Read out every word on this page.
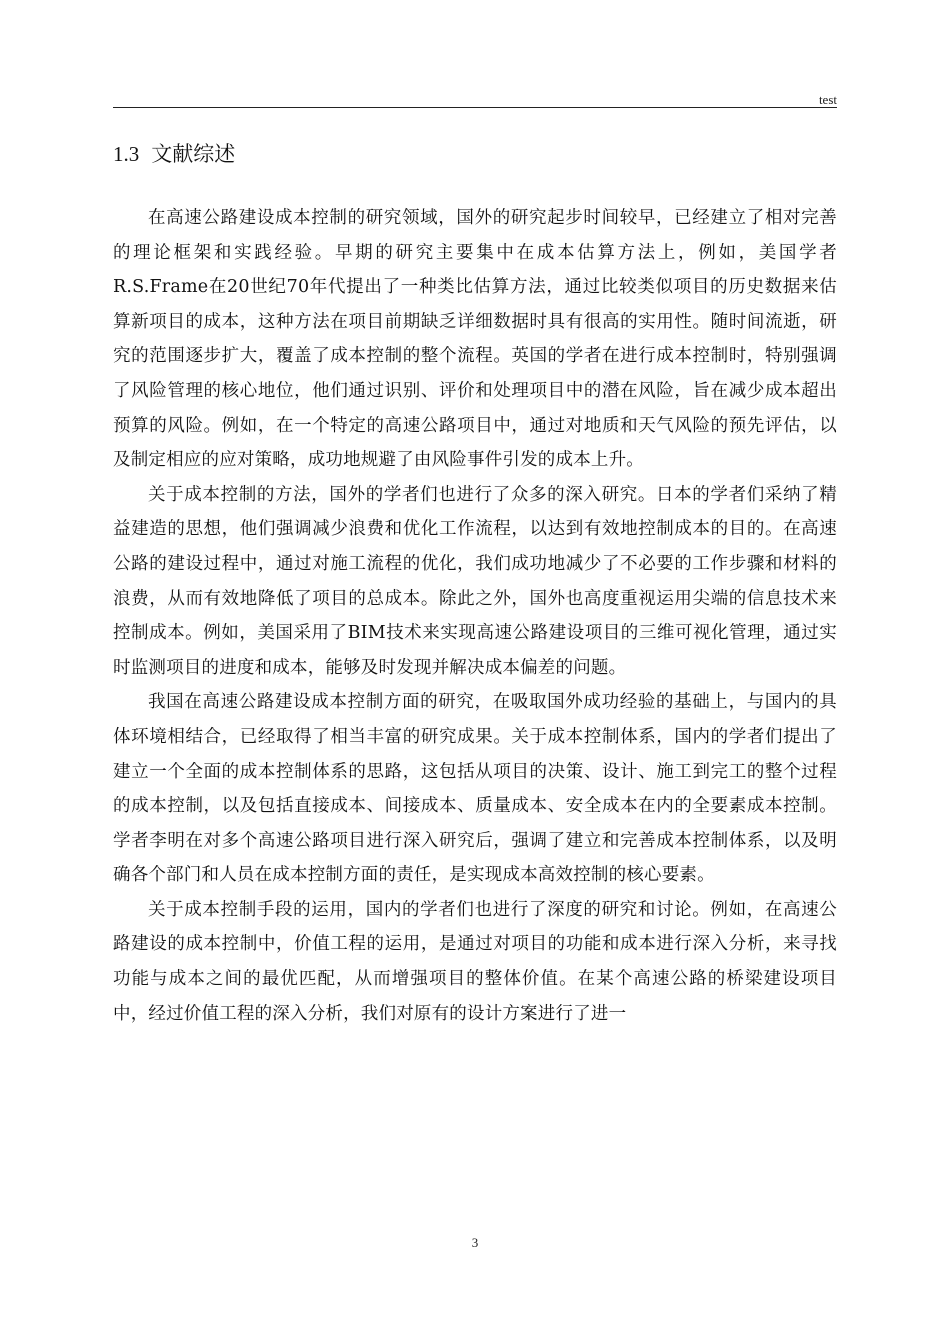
test
1.3 文献综述

在高速公路建设成本控制的研究领域，国外的研究起步时间较早，已经建立了相对完善的理论框架和实践经验。早期的研究主要集中在成本估算方法上，例如，美国学者R.S.Frame在20世纪70年代提出了一种类比估算方法，通过比较类似项目的历史数据来估算新项目的成本，这种方法在项目前期缺乏详细数据时具有很高的实用性。随时间流逝，研究的范围逐步扩大，覆盖了成本控制的整个流程。英国的学者在进行成本控制时，特别强调了风险管理的核心地位，他们通过识别、评价和处理项目中的潜在风险，旨在减少成本超出预算的风险。例如，在一个特定的高速公路项目中，通过对地质和天气风险的预先评估，以及制定相应的应对策略，成功地规避了由风险事件引发的成本上升。

关于成本控制的方法，国外的学者们也进行了众多的深入研究。日本的学者们采纳了精益建造的思想，他们强调减少浪费和优化工作流程，以达到有效地控制成本的目的。在高速公路的建设过程中，通过对施工流程的优化，我们成功地减少了不必要的工作步骤和材料的浪费，从而有效地降低了项目的总成本。除此之外，国外也高度重视运用尖端的信息技术来控制成本。例如，美国采用了BIM技术来实现高速公路建设项目的三维可视化管理，通过实时监测项目的进度和成本，能够及时发现并解决成本偏差的问题。

我国在高速公路建设成本控制方面的研究，在吸取国外成功经验的基础上，与国内的具体环境相结合，已经取得了相当丰富的研究成果。关于成本控制体系，国内的学者们提出了建立一个全面的成本控制体系的思路，这包括从项目的决策、设计、施工到完工的整个过程的成本控制，以及包括直接成本、间接成本、质量成本、安全成本在内的全要素成本控制。学者李明在对多个高速公路项目进行深入研究后，强调了建立和完善成本控制体系，以及明确各个部门和人员在成本控制方面的责任，是实现成本高效控制的核心要素。

关于成本控制手段的运用，国内的学者们也进行了深度的研究和讨论。例如，在高速公路建设的成本控制中，价值工程的运用，是通过对项目的功能和成本进行深入分析，来寻找功能与成本之间的最优匹配，从而增强项目的整体价值。在某个高速公路的桥梁建设项目中，经过价值工程的深入分析，我们对原有的设计方案进行了进一

3
